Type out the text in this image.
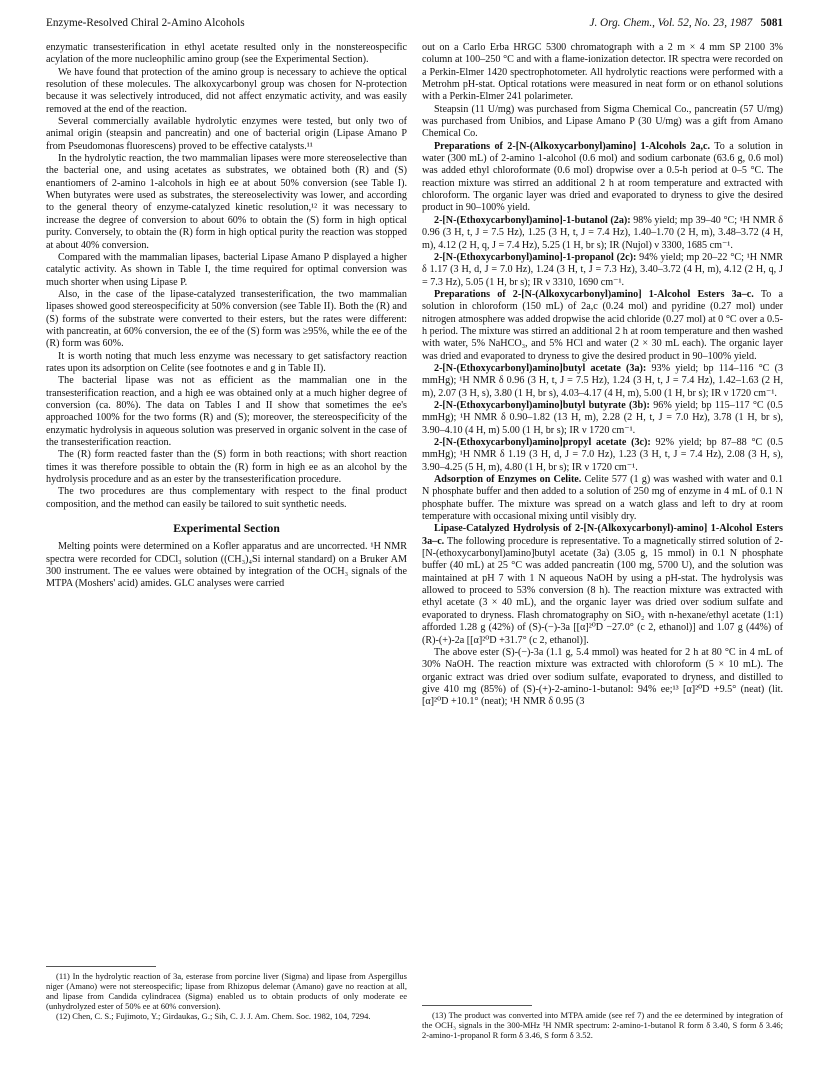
Enzyme-Resolved Chiral 2-Amino Alcohols	J. Org. Chem., Vol. 52, No. 23, 1987 5081

enzymatic transesterification in ethyl acetate resulted only in the nonstereospecific acylation of the more nucleophilic amino group (see the Experimental Section).

We have found that protection of the amino group is necessary to achieve the optical resolution of these molecules. The alkoxycarbonyl group was chosen for N-protection because it was selectively introduced, did not affect enzymatic activity, and was easily removed at the end of the reaction.

Several commercially available hydrolytic enzymes were tested, but only two of animal origin (steapsin and pancreatin) and one of bacterial origin (Lipase Amano P from Pseudomonas fluorescens) proved to be effective catalysts.¹¹

In the hydrolytic reaction, the two mammalian lipases were more stereoselective than the bacterial one, and using acetates as substrates, we obtained both (R) and (S) enantiomers of 2-amino 1-alcohols in high ee at about 50% conversion (see Table I). When butyrates were used as substrates, the stereoselectivity was lower, and according to the general theory of enzyme-catalyzed kinetic resolution,¹² it was necessary to increase the degree of conversion to about 60% to obtain the (S) form in high optical purity. Conversely, to obtain the (R) form in high optical purity the reaction was stopped at about 40% conversion.

Compared with the mammalian lipases, bacterial Lipase Amano P displayed a higher catalytic activity. As shown in Table I, the time required for optimal conversion was much shorter when using Lipase P.

Also, in the case of the lipase-catalyzed transesterification, the two mammalian lipases showed good stereospecificity at 50% conversion (see Table II). Both the (R) and (S) forms of the substrate were converted to their esters, but the rates were different: with pancreatin, at 60% conversion, the ee of the (S) form was ≥95%, while the ee of the (R) form was 60%.

It is worth noting that much less enzyme was necessary to get satisfactory reaction rates upon its adsorption on Celite (see footnotes e and g in Table II).

The bacterial lipase was not as efficient as the mammalian one in the transesterification reaction, and a high ee was obtained only at a much higher degree of conversion (ca. 80%). The data on Tables I and II show that sometimes the ee's approached 100% for the two forms (R) and (S); moreover, the stereospecificity of the enzymatic hydrolysis in aqueous solution was preserved in organic solvent in the case of the transesterification reaction.

The (R) form reacted faster than the (S) form in both reactions; with short reaction times it was therefore possible to obtain the (R) form in high ee as an alcohol by the hydrolysis procedure and as an ester by the transesterification procedure.

The two procedures are thus complementary with respect to the final product composition, and the method can easily be tailored to suit synthetic needs.

Experimental Section

Melting points were determined on a Kofler apparatus and are uncorrected. ¹H NMR spectra were recorded for CDCl₃ solution ((CH₃)₄Si internal standard) on a Bruker AM 300 instrument. The ee values were obtained by integration of the OCH₃ signals of the MTPA (Moshers' acid) amides. GLC analyses were carried

(11) In the hydrolytic reaction of 3a, esterase from porcine liver (Sigma) and lipase from Aspergillus niger (Amano) were not stereospecific; lipase from Rhizopus delemar (Amano) gave no reaction at all, and lipase from Candida cylindracea (Sigma) enabled us to obtain products of only moderate ee (unhydrolyzed ester of 50% ee at 60% conversion).

(12) Chen, C. S.; Fujimoto, Y.; Girdaukas, G.; Sih, C. J. J. Am. Chem. Soc. 1982, 104, 7294.

out on a Carlo Erba HRGC 5300 chromatograph with a 2 m × 4 mm SP 2100 3% column at 100–250 °C and with a flame-ionization detector. IR spectra were recorded on a Perkin-Elmer 1420 spectrophotometer. All hydrolytic reactions were performed with a Metrohm pH-stat. Optical rotations were measured in neat form or on ethanol solutions with a Perkin-Elmer 241 polarimeter.

Steapsin (11 U/mg) was purchased from Sigma Chemical Co., pancreatin (57 U/mg) was purchased from Unibios, and Lipase Amano P (30 U/mg) was a gift from Amano Chemical Co.

Preparations of 2-[N-(Alkoxycarbonyl)amino] 1-Alcohols 2a,c. To a solution in water (300 mL) of 2-amino 1-alcohol (0.6 mol) and sodium carbonate (63.6 g, 0.6 mol) was added ethyl chloroformate (0.6 mol) dropwise over a 0.5-h period at 0–5 °C. The reaction mixture was stirred an additional 2 h at room temperature and extracted with chloroform. The organic layer was dried and evaporated to dryness to give the desired product in 90–100% yield.

2-[N-(Ethoxycarbonyl)amino]-1-butanol (2a): 98% yield; mp 39–40 °C; ¹H NMR δ 0.96 (3 H, t, J = 7.5 Hz), 1.25 (3 H, t, J = 7.4 Hz), 1.40–1.70 (2 H, m), 3.48–3.72 (4 H, m), 4.12 (2 H, q, J = 7.4 Hz), 5.25 (1 H, br s); IR (Nujol) ν 3300, 1685 cm⁻¹.

2-[N-(Ethoxycarbonyl)amino]-1-propanol (2c): 94% yield; mp 20–22 °C; ¹H NMR δ 1.17 (3 H, d, J = 7.0 Hz), 1.24 (3 H, t, J = 7.3 Hz), 3.40–3.72 (4 H, m), 4.12 (2 H, q, J = 7.3 Hz), 5.05 (1 H, br s); IR ν 3310, 1690 cm⁻¹.

Preparations of 2-[N-(Alkoxycarbonyl)amino] 1-Alcohol Esters 3a–c. To a solution in chloroform (150 mL) of 2a,c (0.24 mol) and pyridine (0.27 mol) under nitrogen atmosphere was added dropwise the acid chloride (0.27 mol) at 0 °C over a 0.5-h period. The mixture was stirred an additional 2 h at room temperature and then washed with water, 5% NaHCO₃, and 5% HCl and water (2 × 30 mL each). The organic layer was dried and evaporated to dryness to give the desired product in 90–100% yield.

2-[N-(Ethoxycarbonyl)amino]butyl acetate (3a): 93% yield; bp 114–116 °C (3 mmHg); ¹H NMR δ 0.96 (3 H, t, J = 7.5 Hz), 1.24 (3 H, t, J = 7.4 Hz), 1.42–1.63 (2 H, m), 2.07 (3 H, s), 3.80 (1 H, br s), 4.03–4.17 (4 H, m), 5.00 (1 H, br s); IR ν 1720 cm⁻¹.

2-[N-(Ethoxycarbonyl)amino]butyl butyrate (3b): 96% yield; bp 115–117 °C (0.5 mmHg); ¹H NMR δ 0.90–1.82 (13 H, m), 2.28 (2 H, t, J = 7.0 Hz), 3.78 (1 H, br s), 3.90–4.10 (4 H, m) 5.00 (1 H, br s); IR ν 1720 cm⁻¹.

2-[N-(Ethoxycarbonyl)amino]propyl acetate (3c): 92% yield; bp 87–88 °C (0.5 mmHg); ¹H NMR δ 1.19 (3 H, d, J = 7.0 Hz), 1.23 (3 H, t, J = 7.4 Hz), 2.08 (3 H, s), 3.90–4.25 (5 H, m), 4.80 (1 H, br s); IR ν 1720 cm⁻¹.

Adsorption of Enzymes on Celite. Celite 577 (1 g) was washed with water and 0.1 N phosphate buffer and then added to a solution of 250 mg of enzyme in 4 mL of 0.1 N phosphate buffer. The mixture was spread on a watch glass and left to dry at room temperature with occasional mixing until visibly dry.

Lipase-Catalyzed Hydrolysis of 2-[N-(Alkoxycarbonyl)-amino] 1-Alcohol Esters 3a–c. The following procedure is representative. To a magnetically stirred solution of 2-[N-(ethoxycarbonyl)amino]butyl acetate (3a) (3.05 g, 15 mmol) in 0.1 N phosphate buffer (40 mL) at 25 °C was added pancreatin (100 mg, 5700 U), and the solution was maintained at pH 7 with 1 N aqueous NaOH by using a pH-stat. The hydrolysis was allowed to proceed to 53% conversion (8 h). The reaction mixture was extracted with ethyl acetate (3 × 40 mL), and the organic layer was dried over sodium sulfate and evaporated to dryness. Flash chromatography on SiO₂ with n-hexane/ethyl acetate (1:1) afforded 1.28 g (42%) of (S)-(−)-3a [[α]²⁰D −27.0° (c 2, ethanol)] and 1.07 g (44%) of (R)-(+)-2a [[α]²⁰D +31.7° (c 2, ethanol)].

The above ester (S)-(−)-3a (1.1 g, 5.4 mmol) was heated for 2 h at 80 °C in 4 mL of 30% NaOH. The reaction mixture was extracted with chloroform (5 × 10 mL). The organic extract was dried over sodium sulfate, evaporated to dryness, and distilled to give 410 mg (85%) of (S)-(+)-2-amino-1-butanol: 94% ee;¹³ [α]²⁰D +9.5° (neat) (lit. [α]²⁰D +10.1° (neat); ¹H NMR δ 0.95 (3

(13) The product was converted into MTPA amide (see ref 7) and the ee determined by integration of the OCH₃ signals in the 300-MHz ¹H NMR spectrum: 2-amino-1-butanol R form δ 3.40, S form δ 3.46; 2-amino-1-propanol R form δ 3.46, S form δ 3.52.
